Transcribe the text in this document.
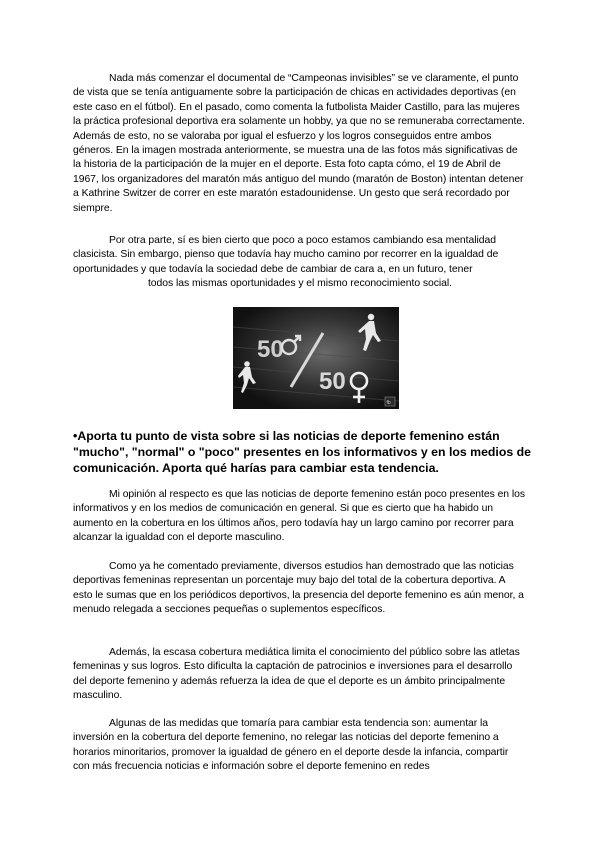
Nada más comenzar el documental de “Campeonas invisibles” se ve claramente, el punto de vista que se tenía antiguamente sobre la participación de chicas en actividades deportivas (en este caso en el fútbol). En el pasado, como comenta la futbolista Maider Castillo, para las mujeres la práctica profesional deportiva era solamente un hobby, ya que no se remuneraba correctamente. Además de esto, no se valoraba por igual el esfuerzo y los logros conseguidos entre ambos géneros. En la imagen mostrada anteriormente, se muestra una de las fotos más significativas de la historia de la participación de la mujer en el deporte. Esta foto capta cómo, el 19 de Abril de 1967, los organizadores del maratón más antiguo del mundo (maratón de Boston) intentan detener a Kathrine Switzer de correr en este maratón estadounidense. Un gesto que será recordado por siempre.

Por otra parte, sí es bien cierto que poco a poco estamos cambiando esa mentalidad clasicista. Sin embargo, pienso que todavía hay mucho camino por recorrer en la igualdad de oportunidades y que todavía la sociedad debe de cambiar de cara a, en un futuro, tener

todos las mismas oportunidades y el mismo reconocimiento social.

50
50
fb
•Aporta tu punto de vista sobre si las noticias de deporte femenino están "mucho", "normal" o "poco" presentes en los informativos y en los medios de comunicación. Aporta qué harías para cambiar esta tendencia.

Mi opinión al respecto es que las noticias de deporte femenino están poco presentes en los informativos y en los medios de comunicación en general. Si que es cierto que ha habido un aumento en la cobertura en los últimos años, pero todavía hay un largo camino por recorrer para alcanzar la igualdad con el deporte masculino.

Como ya he comentado previamente, diversos estudios han demostrado que las noticias deportivas femeninas representan un porcentaje muy bajo del total de la cobertura deportiva. A esto le sumas que en los periódicos deportivos, la presencia del deporte femenino es aún menor, a menudo relegada a secciones pequeñas o suplementos específicos.

Además, la escasa cobertura mediática limita el conocimiento del público sobre las atletas femeninas y sus logros. Esto dificulta la captación de patrocinios e inversiones para el desarrollo del deporte femenino y además refuerza la idea de que el deporte es un ámbito principalmente masculino.

Algunas de las medidas que tomaría para cambiar esta tendencia son: aumentar la inversión en la cobertura del deporte femenino, no relegar las noticias del deporte femenino a horarios minoritarios, promover la igualdad de género en el deporte desde la infancia, compartir con más frecuencia noticias e información sobre el deporte femenino en redes
